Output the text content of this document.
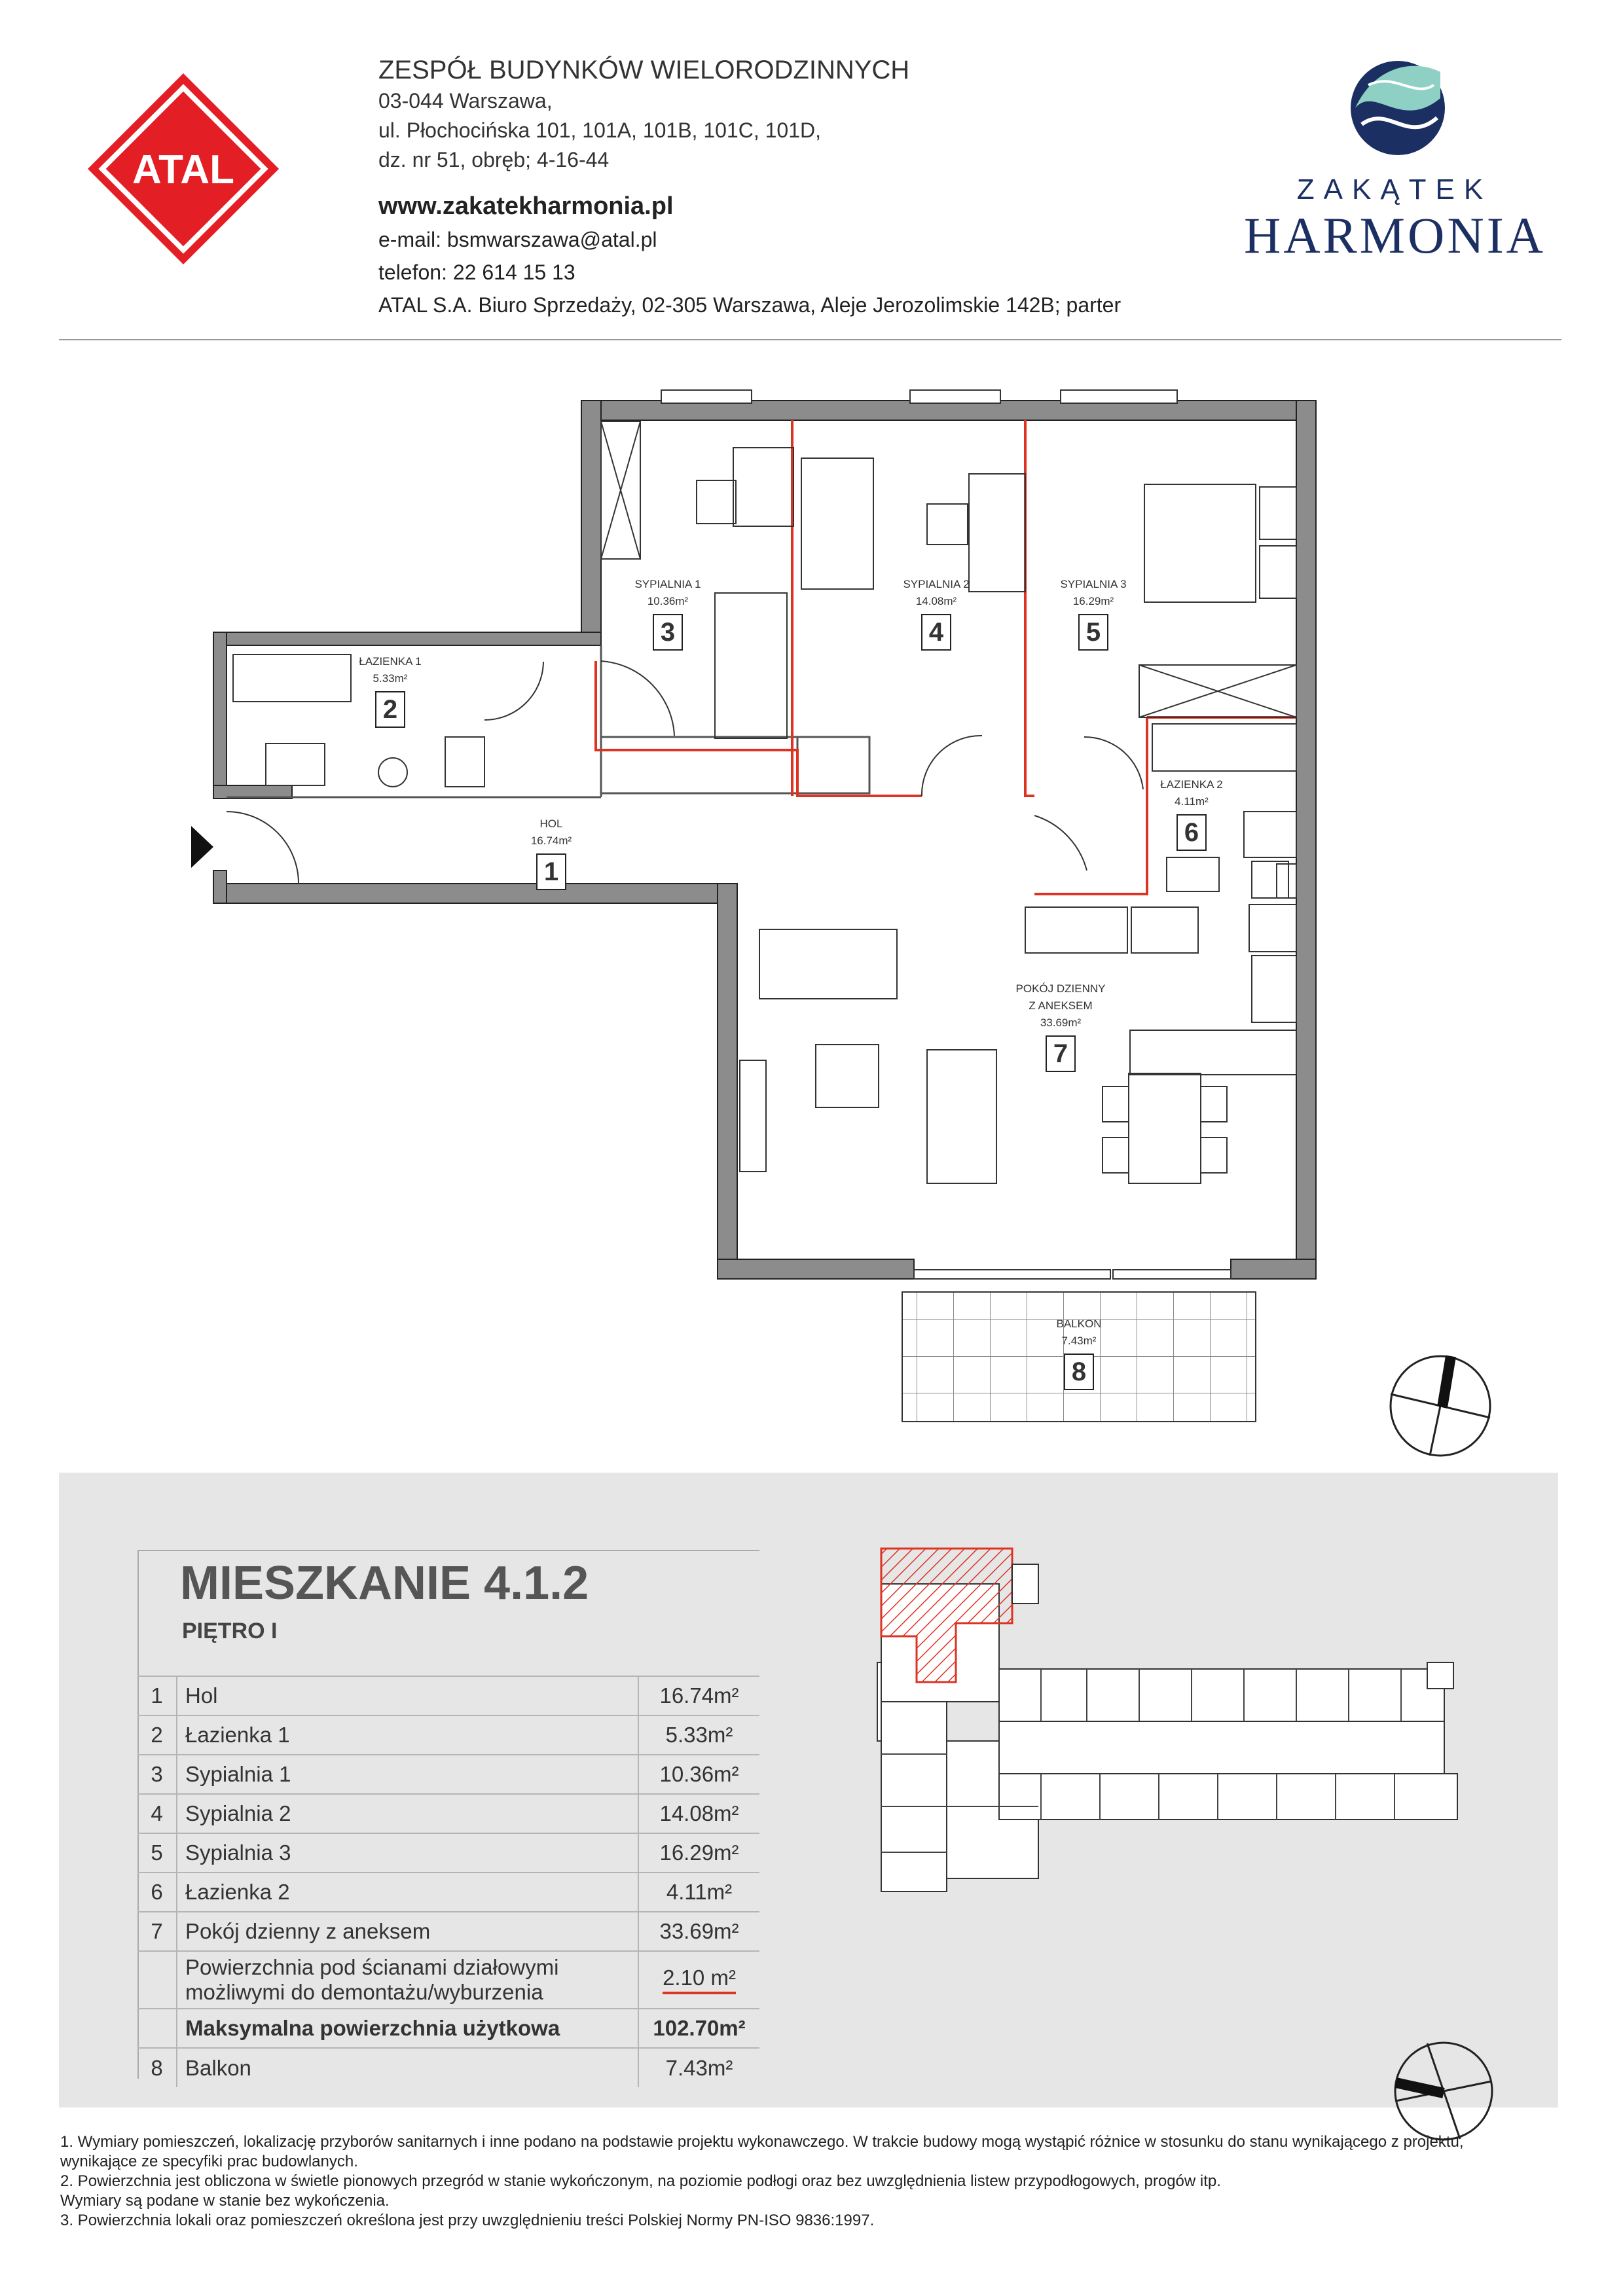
ATAL
ZESPÓŁ BUDYNKÓW WIELORODZINNYCH
03-044 Warszawa,
ul. Płochocińska 101, 101A, 101B, 101C, 101D,
dz. nr 51, obręb; 4-16-44
www.zakatekharmonia.pl
e-mail: bsmwarszawa@atal.pl
telefon: 22 614 15 13
ATAL S.A. Biuro Sprzedaży, 02-305 Warszawa, Aleje Jerozolimskie 142B; parter
ZAKĄTEK
HARMONIA
SYPIALNIA 1
10.36m²
3
SYPIALNIA 2
14.08m²
4
SYPIALNIA 3
16.29m²
5
ŁAZIENKA 1
5.33m²
2
ŁAZIENKA 2
4.11m²
6
HOL
16.74m²
1
POKÓJ DZIENNY
Z ANEKSEM
33.69m²
7
BALKON
7.43m²
8
MIESZKANIE 4.1.2
PIĘTRO I
1	Hol	16.74m²
2	Łazienka 1	5.33m²
3	Sypialnia 1	10.36m²
4	Sypialnia 2	14.08m²
5	Sypialnia 3	16.29m²
6	Łazienka 2	4.11m²
7	Pokój dzienny z aneksem	33.69m²

	Powierzchnia pod ścianami działowymi
możliwymi do demontażu/wyburzenia	2.10 m²
	Maksymalna powierzchnia użytkowa	102.70m²
8	Balkon	7.43m²
1. Wymiary pomieszczeń, lokalizację przyborów sanitarnych i inne podano na podstawie projektu wykonawczego. W trakcie budowy mogą wystąpić różnice w stosunku do stanu wynikającego z projektu,
wynikające ze specyfiki prac budowlanych.
2. Powierzchnia jest obliczona w świetle pionowych przegród w stanie wykończonym, na poziomie podłogi oraz bez uwzględnienia listew przypodłogowych, progów itp.
Wymiary są podane w stanie bez wykończenia.
3. Powierzchnia lokali oraz pomieszczeń określona jest przy uwzględnieniu treści Polskiej Normy PN-ISO 9836:1997.
